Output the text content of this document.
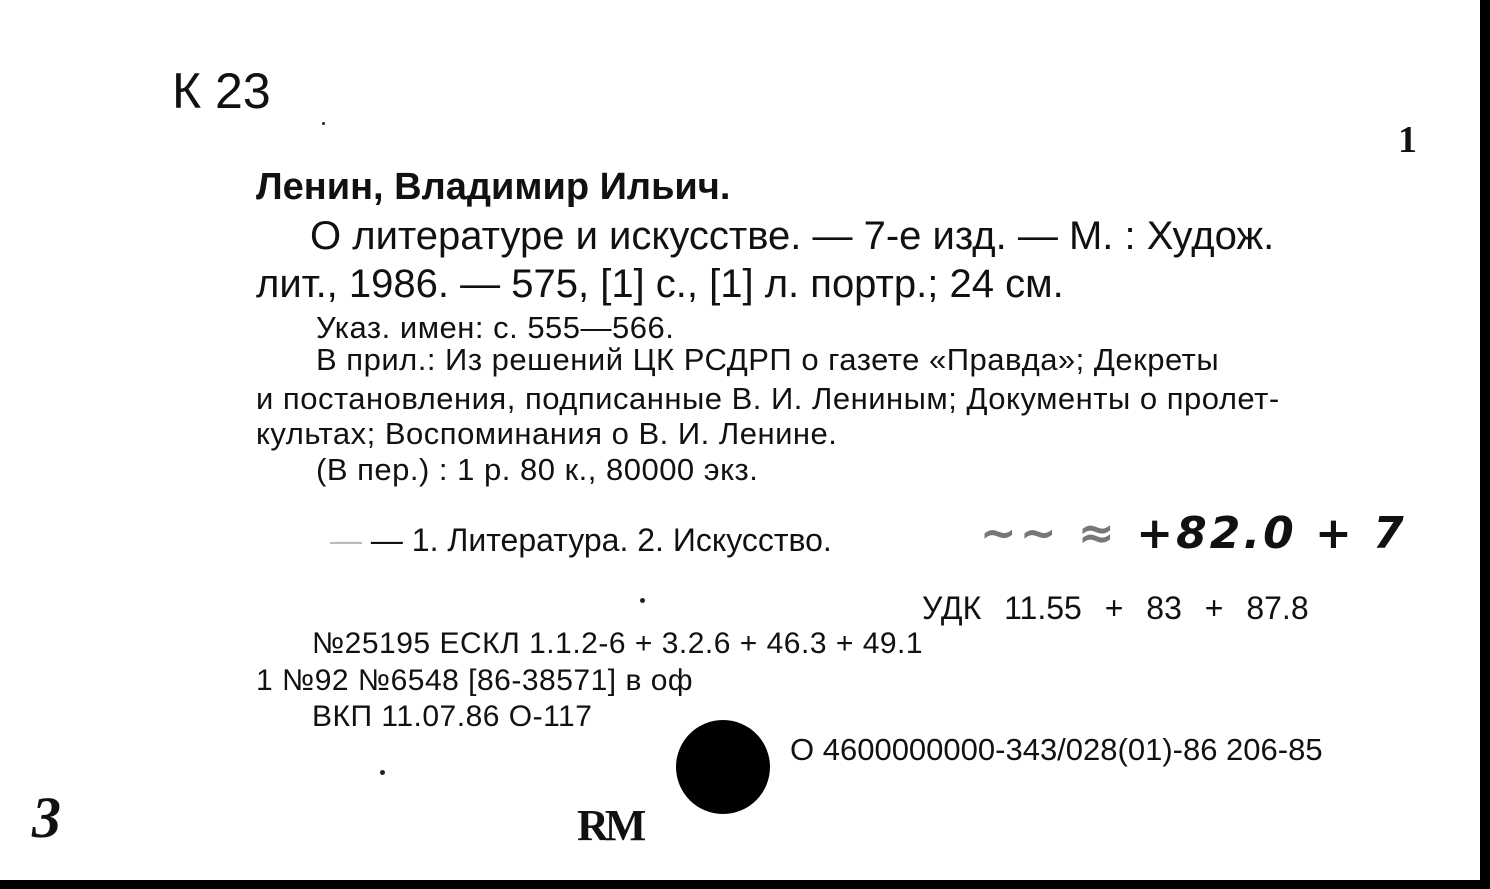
К 23
1
Ленин, Владимир Ильич.
О литературе и искусстве. — 7-е изд. — М. : Худож.
лит., 1986. — 575, [1] с., [1] л. портр.; 24 см.
Указ. имен: с. 555—566.
В прил.: Из решений ЦК РСДРП о газете «Правда»; Декреты
и постановления, подписанные В. И. Лениным; Документы о пролет-
культах; Воспоминания о В. И. Ленине.
(В пер.) : 1 р. 80 к., 80000 экз.
— — 1. Литература. 2. Искусство.	∼∼ ≈ +82.0 + 7
УДК 11.55 + 83 + 87.8
№25195 ЕСКЛ 1.1.2-6 + 3.2.6 + 46.3 + 49.1
1 №92 №6548 [86-38571] в оф
ВКП 11.07.86 О-117
О 4600000000-343/028(01)-86 206-85
RM
3
